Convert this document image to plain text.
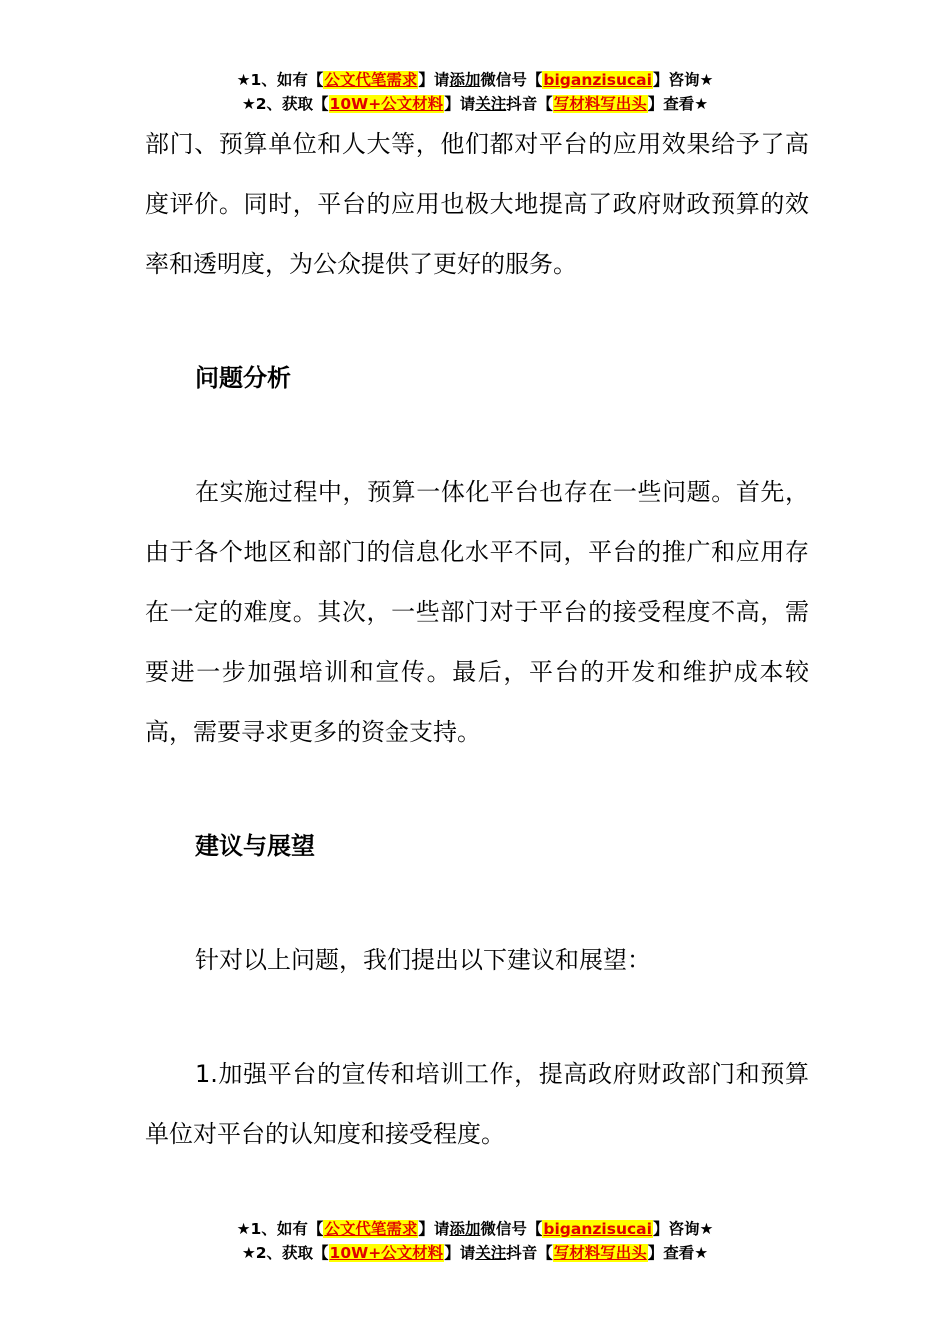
★1、如有【公文代笔需求】请添加微信号【biganzisucai】咨询★
★2、获取【10W+公文材料】请关注抖音【写材料写出头】查看★

部门、预算单位和人大等，他们都对平台的应用效果给予了高度评价。同时，平台的应用也极大地提高了政府财政预算的效率和透明度，为公众提供了更好的服务。

问题分析

在实施过程中，预算一体化平台也存在一些问题。首先，由于各个地区和部门的信息化水平不同，平台的推广和应用存在一定的难度。其次，一些部门对于平台的接受程度不高，需要进一步加强培训和宣传。最后，平台的开发和维护成本较高，需要寻求更多的资金支持。

建议与展望

针对以上问题，我们提出以下建议和展望：

1.加强平台的宣传和培训工作，提高政府财政部门和预算单位对平台的认知度和接受程度。

★1、如有【公文代笔需求】请添加微信号【biganzisucai】咨询★
★2、获取【10W+公文材料】请关注抖音【写材料写出头】查看★
